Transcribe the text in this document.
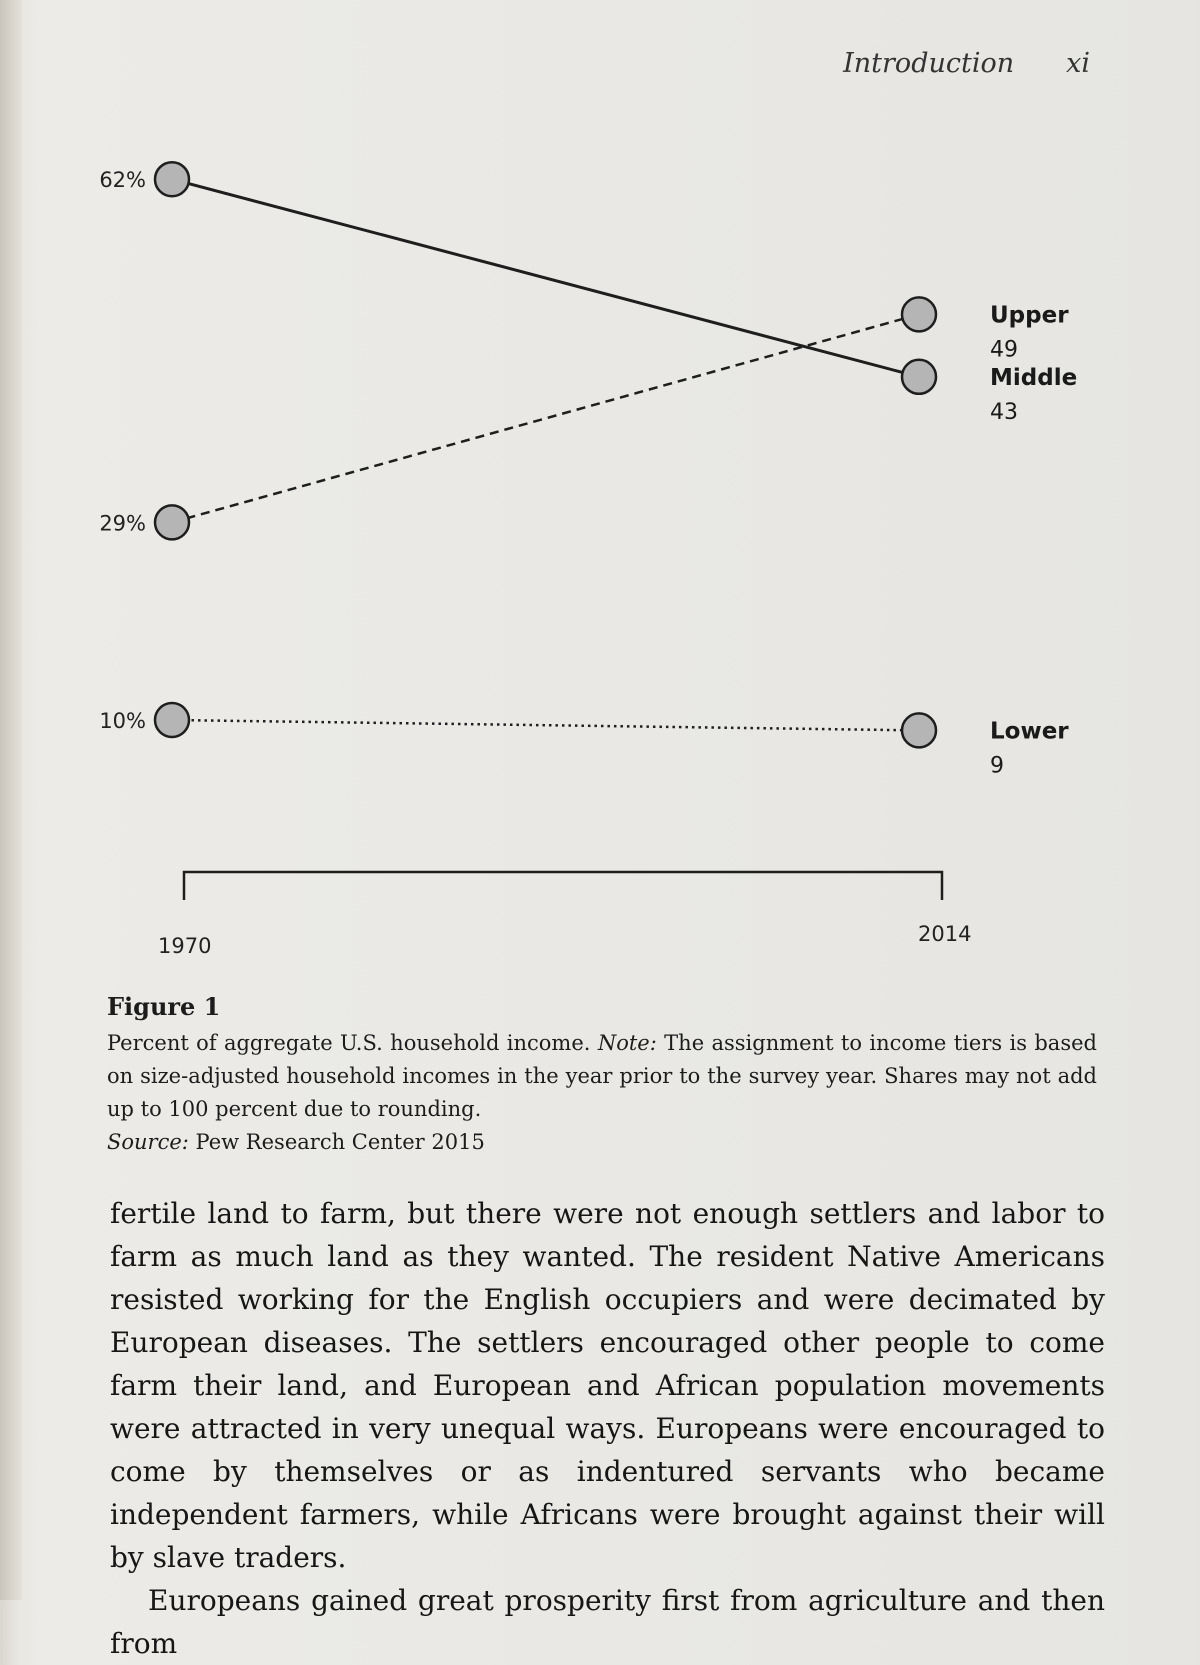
Introduction xi
29%
Upper
49
62%
Middle
43
10%	Lower
9
1970	2014
Figure 1
Percent of aggregate U.S. household income. Note: The assignment to income tiers is based on size-adjusted household incomes in the year prior to the survey year. Shares may not add up to 100 percent due to rounding.
Source: Pew Research Center 2015

fertile land to farm, but there were not enough settlers and labor to farm as much land as they wanted. The resident Native Americans resisted working for the English occupiers and were decimated by European diseases. The settlers encouraged other people to come farm their land, and European and African population movements were attracted in very unequal ways. Europeans were encouraged to come by themselves or as indentured servants who became independent farmers, while Africans were brought against their will by slave traders.

Europeans gained great prosperity first from agriculture and then from
